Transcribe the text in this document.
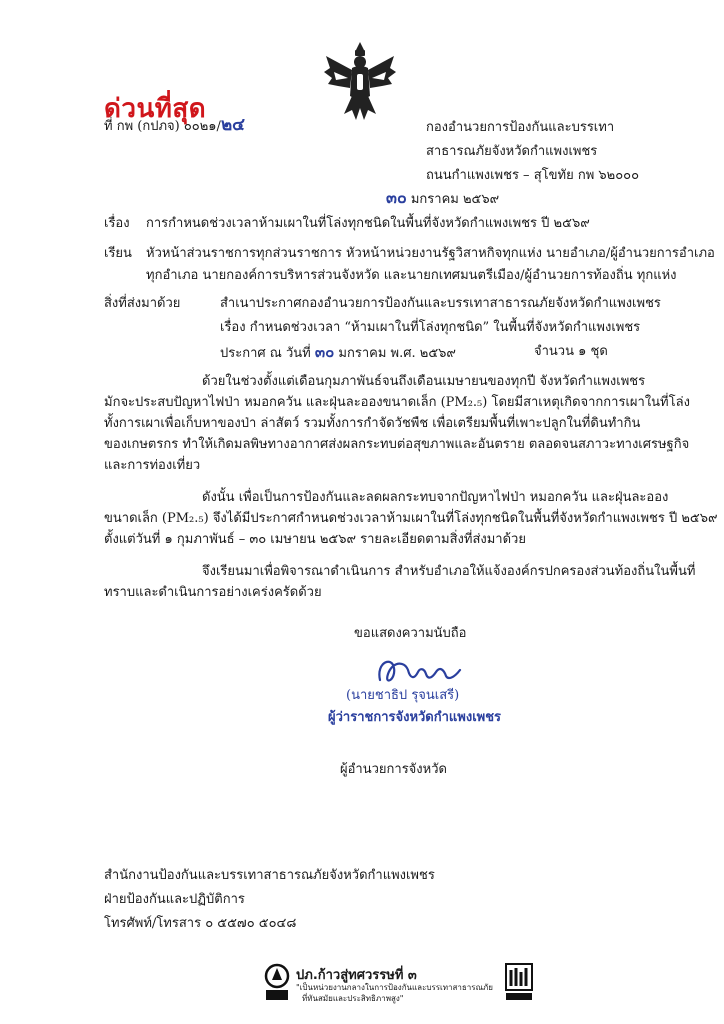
ด่วนที่สุด
ที่ กพ (กปภจ) ๐๐๒๑/๒๔	กองอำนวยการป้องกันและบรรเทา
สาธารณภัยจังหวัดกำแพงเพชร
ถนนกำแพงเพชร – สุโขทัย กพ ๖๒๐๐๐
๓๐ มกราคม ๒๕๖๙
เรื่อง การกำหนดช่วงเวลาห้ามเผาในที่โล่งทุกชนิดในพื้นที่จังหวัดกำแพงเพชร ปี ๒๕๖๙
เรียน หัวหน้าส่วนราชการทุกส่วนราชการ หัวหน้าหน่วยงานรัฐวิสาหกิจทุกแห่ง นายอำเภอ/ผู้อำนวยการอำเภอ
ทุกอำเภอ นายกองค์การบริหารส่วนจังหวัด และนายกเทศมนตรีเมือง/ผู้อำนวยการท้องถิ่น ทุกแห่ง
สิ่งที่ส่งมาด้วย	สำเนาประกาศกองอำนวยการป้องกันและบรรเทาสาธารณภัยจังหวัดกำแพงเพชร
เรื่อง กำหนดช่วงเวลา “ห้ามเผาในที่โล่งทุกชนิด” ในพื้นที่จังหวัดกำแพงเพชร
ประกาศ ณ วันที่ ๓๐ มกราคม พ.ศ. ๒๕๖๙	จำนวน ๑ ชุด
ด้วยในช่วงตั้งแต่เดือนกุมภาพันธ์จนถึงเดือนเมษายนของทุกปี จังหวัดกำแพงเพชร
มักจะประสบปัญหาไฟป่า หมอกควัน และฝุ่นละอองขนาดเล็ก (PM₂.₅) โดยมีสาเหตุเกิดจากการเผาในที่โล่ง
ทั้งการเผาเพื่อเก็บหาของป่า ล่าสัตว์ รวมทั้งการกำจัดวัชพืช เพื่อเตรียมพื้นที่เพาะปลูกในที่ดินทำกิน
ของเกษตรกร ทำให้เกิดมลพิษทางอากาศส่งผลกระทบต่อสุขภาพและอันตราย ตลอดจนสภาวะทางเศรษฐกิจ
และการท่องเที่ยว
ดังนั้น เพื่อเป็นการป้องกันและลดผลกระทบจากปัญหาไฟป่า หมอกควัน และฝุ่นละออง
ขนาดเล็ก (PM₂.₅) จึงได้มีประกาศกำหนดช่วงเวลาห้ามเผาในที่โล่งทุกชนิดในพื้นที่จังหวัดกำแพงเพชร ปี ๒๕๖๙
ตั้งแต่วันที่ ๑ กุมภาพันธ์ – ๓๐ เมษายน ๒๕๖๙ รายละเอียดตามสิ่งที่ส่งมาด้วย
จึงเรียนมาเพื่อพิจารณาดำเนินการ สำหรับอำเภอให้แจ้งองค์กรปกครองส่วนท้องถิ่นในพื้นที่
ทราบและดำเนินการอย่างเคร่งครัดด้วย
ขอแสดงความนับถือ
(นายชาธิป รุจนเสรี)
ผู้ว่าราชการจังหวัดกำแพงเพชร
ผู้อำนวยการจังหวัด
สำนักงานป้องกันและบรรเทาสาธารณภัยจังหวัดกำแพงเพชร
ฝ่ายป้องกันและปฏิบัติการ
โทรศัพท์/โทรสาร ๐ ๕๕๗๐ ๕๐๔๘
ปภ.ก้าวสู่ทศวรรษที่ ๓
"เป็นหน่วยงานกลางในการป้องกันและบรรเทาสาธารณภัย
ที่ทันสมัยและประสิทธิภาพสูง"
